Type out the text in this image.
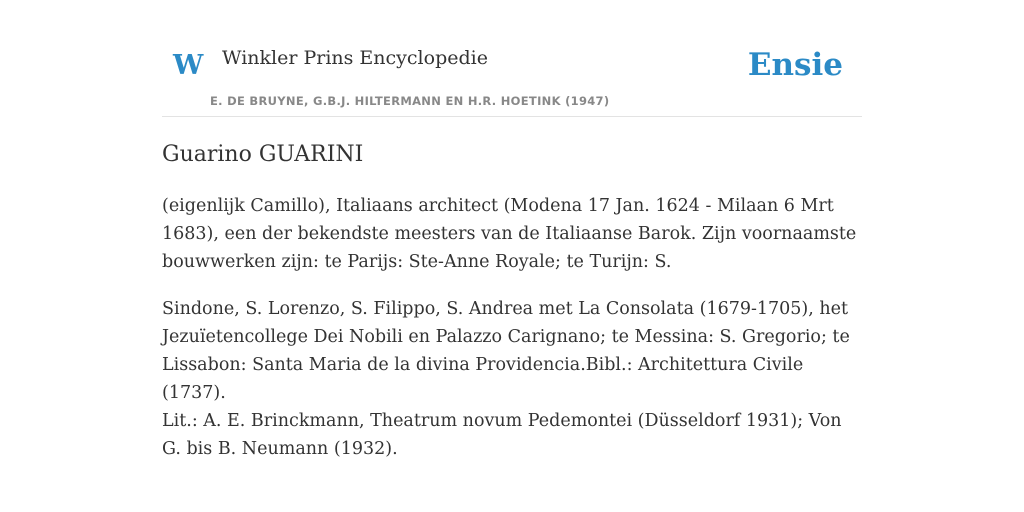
W Winkler Prins Encyclopedie
E. DE BRUYNE, G.B.J. HILTERMANN EN H.R. HOETINK (1947)
Ensie
Guarino GUARINI

(eigenlijk Camillo), Italiaans architect (Modena 17 Jan. 1624 - Milaan 6 Mrt 1683), een der bekendste meesters van de Italiaanse Barok. Zijn voornaamste bouwwerken zijn: te Parijs: Ste-Anne Royale; te Turijn: S.

Sindone, S. Lorenzo, S. Filippo, S. Andrea met La Consolata (1679-1705), het Jezuïetencollege Dei Nobili en Palazzo Carignano; te Messina: S. Gregorio; te Lissabon: Santa Maria de la divina Providencia.Bibl.: Architettura Civile (1737).

Lit.: A. E. Brinckmann, Theatrum novum Pedemontei (Düsseldorf 1931); Von G. bis B. Neumann (1932).
